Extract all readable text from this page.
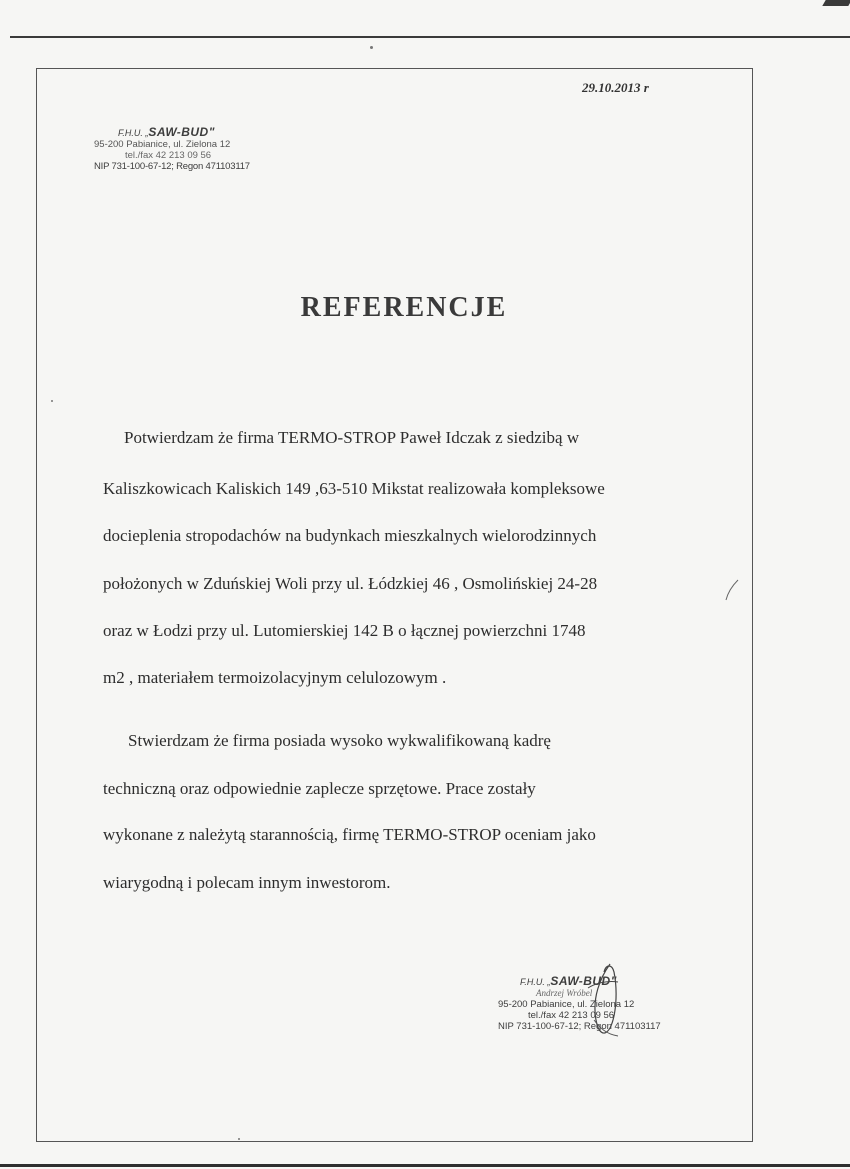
29.10.2013 r
F.H.U. „SAW-BUD"
95-200 Pabianice, ul. Zielona 12
tel./fax 42 213 09 56
NIP 731-100-67-12; Regon 471103117
REFERENCJE
Potwierdzam że firma TERMO-STROP Paweł Idczak z siedzibą w
Kaliszkowicach Kaliskich 149 ,63-510 Mikstat realizowała kompleksowe
docieplenia stropodachów na budynkach mieszkalnych wielorodzinnych
położonych w Zduńskiej Woli przy ul. Łódzkiej 46 , Osmolińskiej 24-28
oraz w Łodzi przy ul. Lutomierskiej 142 B o łącznej powierzchni 1748
m2 , materiałem termoizolacyjnym celulozowym .
Stwierdzam że firma posiada wysoko wykwalifikowaną kadrę
techniczną oraz odpowiednie zaplecze sprzętowe. Prace zostały
wykonane z należytą starannością, firmę TERMO-STROP oceniam jako
wiarygodną i polecam innym inwestorom.
F.H.U. „SAW-BUD"
Andrzej Wróbel
95-200 Pabianice, ul. Zielona 12
tel./fax 42 213 09 56
NIP 731-100-67-12; Regon 471103117
